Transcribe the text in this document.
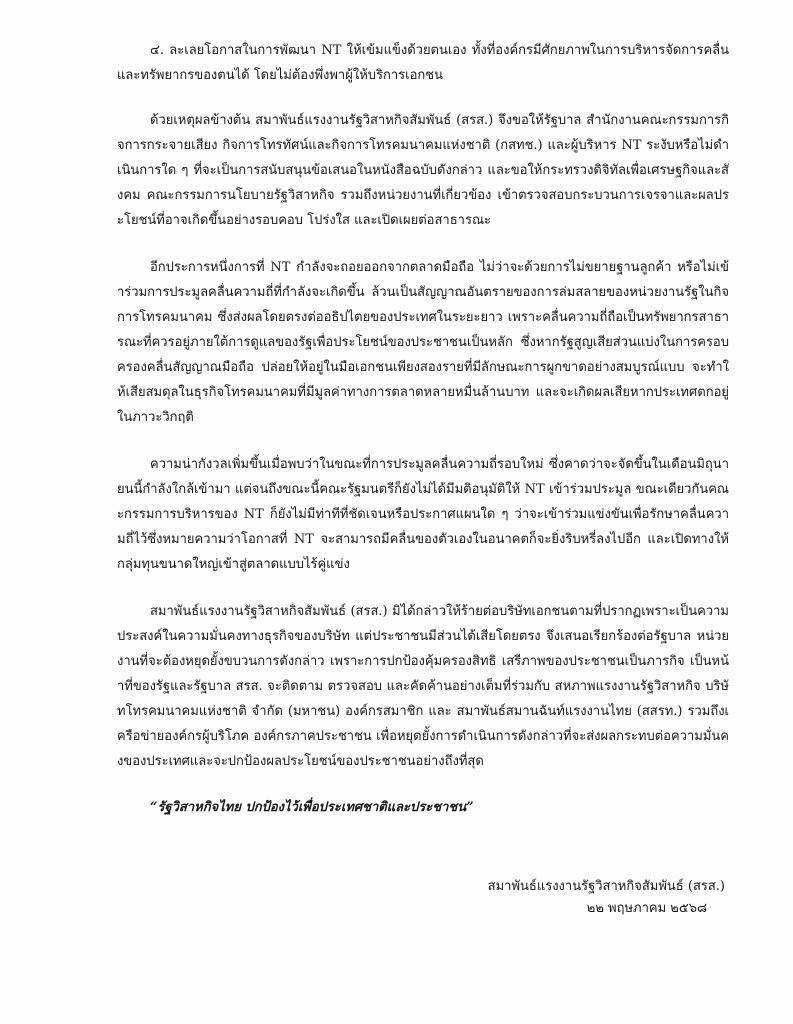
๔. ละเลยโอกาสในการพัฒนา NT ให้เข้มแข็งด้วยตนเอง ทั้งที่องค์กรมีศักยภาพในการบริหารจัดการคลื่นและทรัพยากรของตนได้ โดยไม่ต้องพึ่งพาผู้ให้บริการเอกชน

ด้วยเหตุผลข้างต้น สมาพันธ์แรงงานรัฐวิสาหกิจสัมพันธ์ (สรส.) จึงขอให้รัฐบาล สำนักงานคณะกรรมการกิจการกระจายเสียง กิจการโทรทัศน์และกิจการโทรคมนาคมแห่งชาติ (กสทช.) และผู้บริหาร NT ระงับหรือไม่ดำเนินการใด ๆ ที่จะเป็นการสนับสนุนข้อเสนอในหนังสือฉบับดังกล่าว และขอให้กระทรวงดิจิทัลเพื่อเศรษฐกิจและสังคม คณะกรรมการนโยบายรัฐวิสาหกิจ รวมถึงหน่วยงานที่เกี่ยวข้อง เข้าตรวจสอบกระบวนการเจรจาและผลประโยชน์ที่อาจเกิดขึ้นอย่างรอบคอบ โปร่งใส และเปิดเผยต่อสาธารณะ

อีกประการหนึ่งการที่ NT กำลังจะถอยออกจากตลาดมือถือ ไม่ว่าจะด้วยการไม่ขยายฐานลูกค้า หรือไม่เข้าร่วมการประมูลคลื่นความถี่ที่กำลังจะเกิดขึ้น ล้วนเป็นสัญญาณอันตรายของการล่มสลายของหน่วยงานรัฐในกิจการโทรคมนาคม ซึ่งส่งผลโดยตรงต่ออธิปไตยของประเทศในระยะยาว เพราะคลื่นความถี่ถือเป็นทรัพยากรสาธารณะที่ควรอยู่ภายใต้การดูแลของรัฐเพื่อประโยชน์ของประชาชนเป็นหลัก ซึ่งหากรัฐสูญเสียส่วนแบ่งในการครอบครองคลื่นสัญญาณมือถือ ปล่อยให้อยู่ในมือเอกชนเพียงสองรายที่มีลักษณะการผูกขาดอย่างสมบูรณ์แบบ จะทำให้เสียสมดุลในธุรกิจโทรคมนาคมที่มีมูลค่าทางการตลาดหลายหมื่นล้านบาท และจะเกิดผลเสียหากประเทศตกอยู่ในภาวะวิกฤติ

ความน่ากังวลเพิ่มขึ้นเมื่อพบว่าในขณะที่การประมูลคลื่นความถี่รอบใหม่ ซึ่งคาดว่าจะจัดขึ้นในเดือนมิถุนายนนี้กำลังใกล้เข้ามา แต่จนถึงขณะนี้คณะรัฐมนตรีก็ยังไม่ได้มีมติอนุมัติให้ NT เข้าร่วมประมูล ขณะเดียวกันคณะกรรมการบริหารของ NT ก็ยังไม่มีท่าทีที่ชัดเจนหรือประกาศแผนใด ๆ ว่าจะเข้าร่วมแข่งขันเพื่อรักษาคลื่นความถี่ไว้ซึ่งหมายความว่าโอกาสที่ NT จะสามารถมีคลื่นของตัวเองในอนาคตก็จะยิ่งริบหรี่ลงไปอีก และเปิดทางให้กลุ่มทุนขนาดใหญ่เข้าสู่ตลาดแบบไร้คู่แข่ง

สมาพันธ์แรงงานรัฐวิสาหกิจสัมพันธ์ (สรส.) มิได้กล่าวให้ร้ายต่อบริษัทเอกชนตามที่ปรากฏเพราะเป็นความประสงค์ในความมั่นคงทางธุรกิจของบริษัท แต่ประชาชนมีส่วนได้เสียโดยตรง จึงเสนอเรียกร้องต่อรัฐบาล หน่วยงานที่จะต้องหยุดยั้งขบวนการดังกล่าว เพราะการปกป้องคุ้มครองสิทธิ เสรีภาพของประชาชนเป็นภารกิจ เป็นหน้าที่ของรัฐและรัฐบาล สรส. จะติดตาม ตรวจสอบ และคัดค้านอย่างเต็มที่ร่วมกับ สหภาพแรงงานรัฐวิสาหกิจ บริษัทโทรคมนาคมแห่งชาติ จำกัด (มหาชน) องค์กรสมาชิก และ สมาพันธ์สมานฉันท์แรงงานไทย (สสรท.) รวมถึงเครือข่ายองค์กรผู้บริโภค องค์กรภาคประชาชน เพื่อหยุดยั้งการดำเนินการดังกล่าวที่จะส่งผลกระทบต่อความมั่นคงของประเทศและจะปกป้องผลประโยชน์ของประชาชนอย่างถึงที่สุด

“รัฐวิสาหกิจไทย ปกป้องไว้เพื่อประเทศชาติและประชาชน”

สมาพันธ์แรงงานรัฐวิสาหกิจสัมพันธ์ (สรส.)
๒๒ พฤษภาคม ๒๕๖๘
